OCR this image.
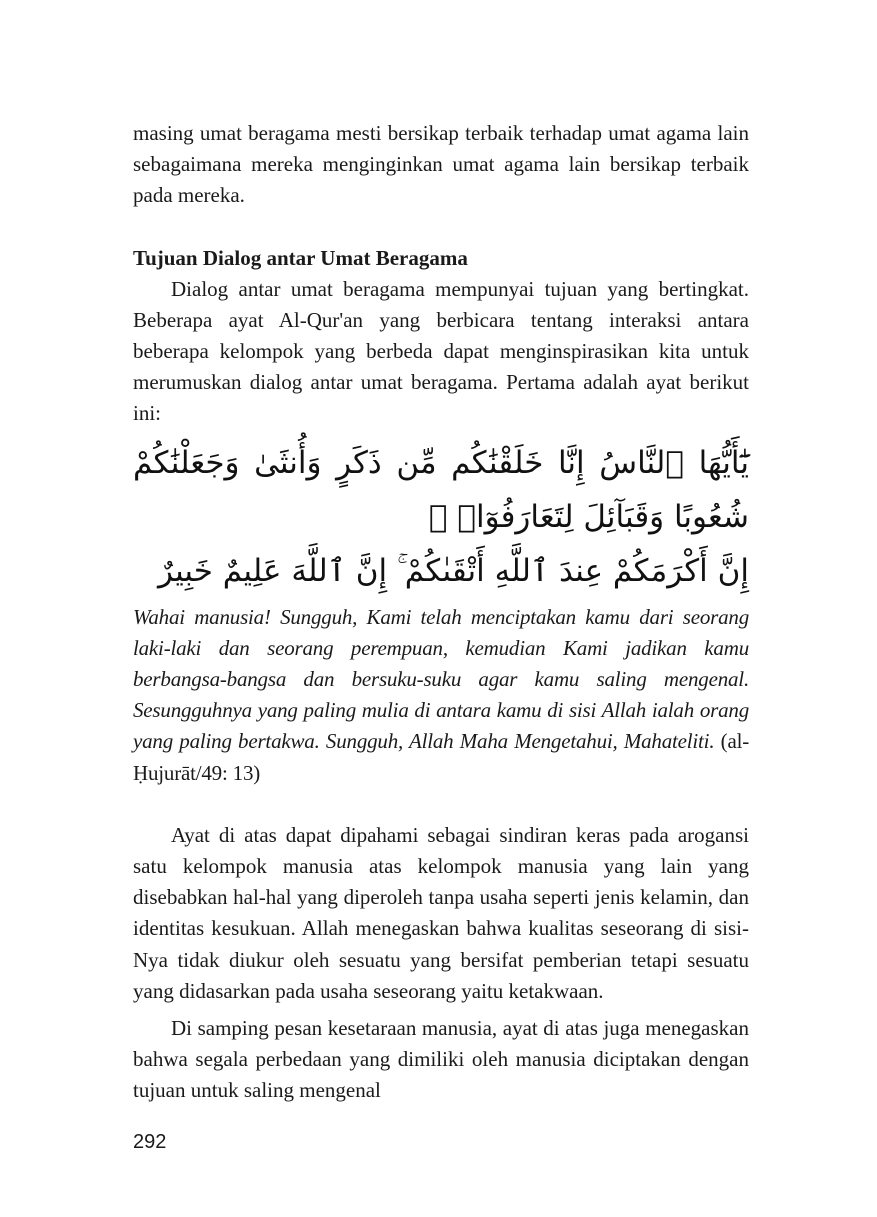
masing umat beragama mesti bersikap terbaik terhadap umat agama lain sebagaimana mereka menginginkan umat agama lain bersikap terbaik pada mereka.

Tujuan Dialog antar Umat Beragama

Dialog antar umat beragama mempunyai tujuan yang bertingkat. Beberapa ayat Al-Qur'an yang berbicara tentang interaksi antara beberapa kelompok yang berbeda dapat menginspirasikan kita untuk merumuskan dialog antar umat beragama. Pertama adalah ayat berikut ini:

يَٰٓأَيُّهَا ٱلنَّاسُ إِنَّا خَلَقْنَٰكُم مِّن ذَكَرٍ وَأُنثَىٰ وَجَعَلْنَٰكُمْ شُعُوبًا وَقَبَآئِلَ لِتَعَارَفُوٓا۟ ۚ
إِنَّ أَكْرَمَكُمْ عِندَ ٱللَّهِ أَتْقَىٰكُمْ ۚ إِنَّ ٱللَّهَ عَلِيمٌ خَبِيرٌ

Wahai manusia! Sungguh, Kami telah menciptakan kamu dari seorang laki-laki dan seorang perempuan, kemudian Kami jadikan kamu berbangsa-bangsa dan bersuku-suku agar kamu saling mengenal. Sesungguhnya yang paling mulia di antara kamu di sisi Allah ialah orang yang paling bertakwa. Sungguh, Allah Maha Mengetahui, Mahateliti. (al-Ḥujurāt/49: 13)

Ayat di atas dapat dipahami sebagai sindiran keras pada arogansi satu kelompok manusia atas kelompok manusia yang lain yang disebabkan hal-hal yang diperoleh tanpa usaha seperti jenis kelamin, dan identitas kesukuan. Allah menegaskan bahwa kualitas seseorang di sisi-Nya tidak diukur oleh sesuatu yang bersifat pemberian tetapi sesuatu yang didasarkan pada usaha seseorang yaitu ketakwaan.

Di samping pesan kesetaraan manusia, ayat di atas juga menegaskan bahwa segala perbedaan yang dimiliki oleh manusia diciptakan dengan tujuan untuk saling mengenal

292
